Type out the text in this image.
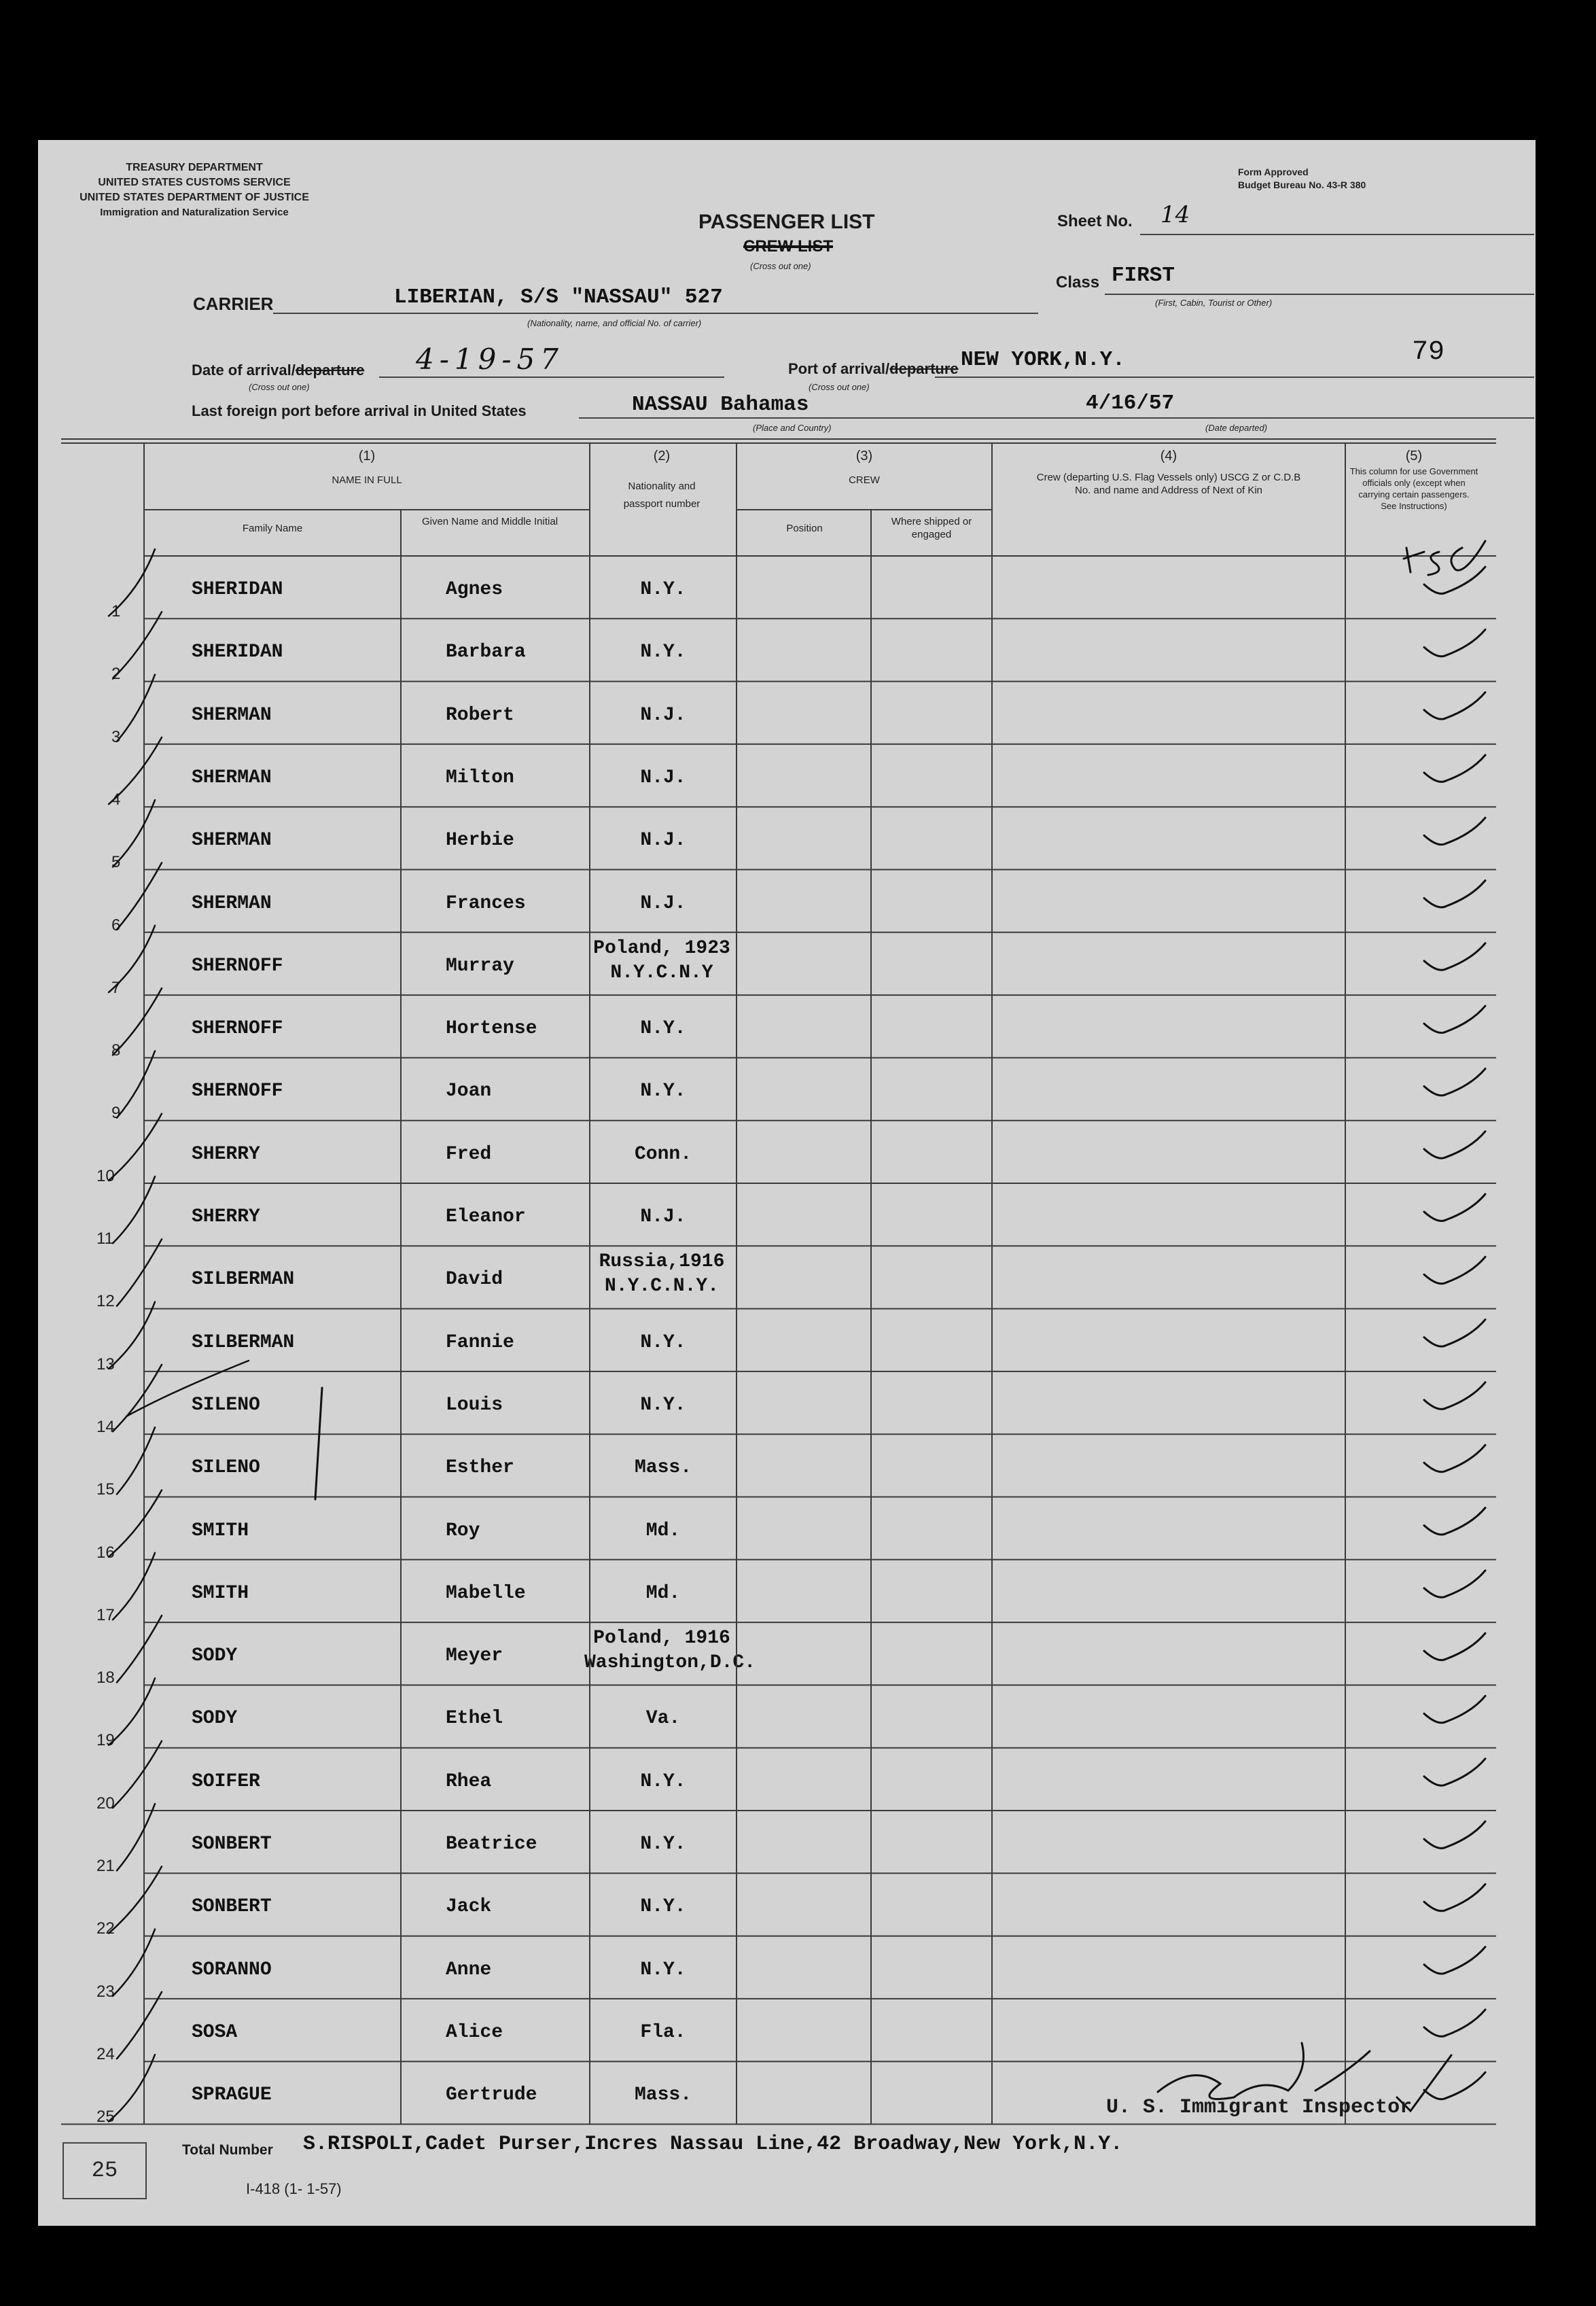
TREASURY DEPARTMENT
UNITED STATES CUSTOMS SERVICE
UNITED STATES DEPARTMENT OF JUSTICE
Immigration and Naturalization Service
Form Approved
Budget Bureau No. 43-R 380
PASSENGER LIST
CREW LIST
(Cross out one)
Sheet No. 14
Class FIRST
(First, Cabin, Tourist or Other)
CARRIER	LIBERIAN, S/S "NASSAU" 527
(Nationality, name, and official No. of carrier)
Date of arrival/departure 4-19-57
(Cross out one)
Port of arrival/departure NEW YORK,N.Y.
(Cross out one)
79
Last foreign port before arrival in United States	NASSAU Bahamas
(Place and Country)
4/16/57
(Date departed)
(1)
NAME IN FULL
Family Name
Given Name and Middle Initial
(2)
Nationality and passport number
(3)
CREW
Position
Where shipped or engaged
(4)
Crew (departing U.S. Flag Vessels only) USCG Z or C.D.B No. and name and Address of Next of Kin
(5)
This column for use Government officials only (except when carrying certain passengers. See Instructions)
1
SHERIDAN	Agnes	N.Y.
2
SHERIDAN	Barbara	N.Y.
3
SHERMAN	Robert	N.J.
4
SHERMAN	Milton	N.J.
5
SHERMAN	Herbie	N.J.
6
SHERMAN	Frances	N.J.
7
SHERNOFF	Murray
Poland, 1923
N.Y.C.N.Y
8
SHERNOFF	Hortense	N.Y.
9
SHERNOFF	Joan	N.Y.
10
SHERRY	Fred	Conn.
11
SHERRY	Eleanor	N.J.
12
SILBERMAN	David
Russia,1916
N.Y.C.N.Y.
13
SILBERMAN	Fannie	N.Y.
14
SILENO	Louis	N.Y.
15
SILENO	Esther	Mass.
16
SMITH	Roy	Md.
17
SMITH	Mabelle	Md.
18
SODY	Meyer
Poland, 1916
Washington,D.C.
19
SODY	Ethel	Va.
20
SOIFER	Rhea	N.Y.
21
SONBERT	Beatrice	N.Y.
22
SONBERT	Jack	N.Y.
23
SORANNO	Anne	N.Y.
24
SOSA	Alice	Fla.
25
SPRAGUE	Gertrude	Mass.
U. S. Immigrant Inspector
25
Total Number S.RISPOLI,Cadet Purser,Incres Nassau Line,42 Broadway,New York,N.Y.
I-418 (1- 1-57)
